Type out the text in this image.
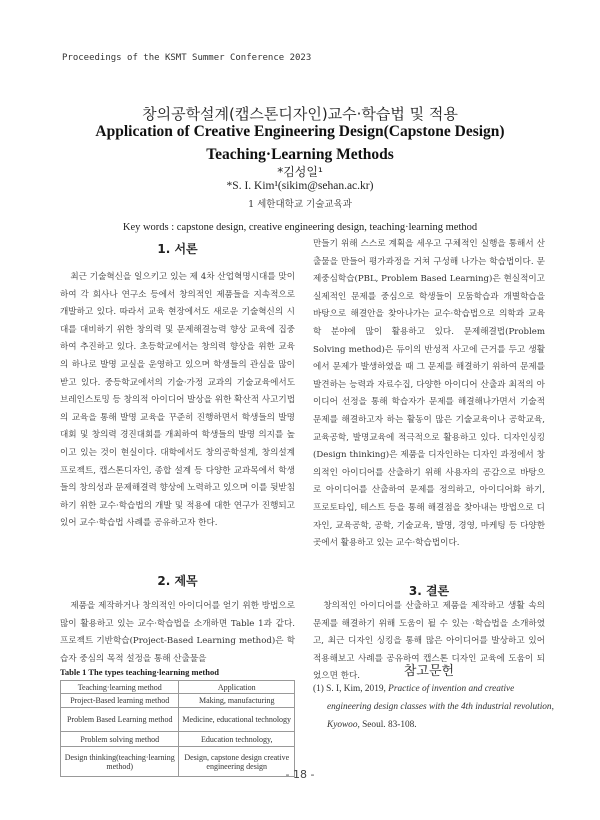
Proceedings of the KSMT Summer Conference 2023
창의공학설계(캡스톤디자인)교수·학습법 및 적용
Application of Creative Engineering Design(Capstone Design)
Teaching·Learning Methods
*김성일¹
*S. I. Kim¹(sikim@sehan.ac.kr)
1 세한대학교 기술교육과
Key words : capstone design, creative engineering design, teaching·learning method
1. 서론

최근 기술혁신을 일으키고 있는 제 4차 산업혁명시대를 맞이하여 각 회사나 연구소 등에서 창의적인 제품들을 지속적으로 개발하고 있다. 따라서 교육 현장에서도 새로운 기술혁신의 시대를 대비하기 위한 창의력 및 문제해결능력 향상 교육에 집중하여 추진하고 있다. 초등학교에서는 창의력 향상을 위한 교육의 하나로 발명 교실을 운영하고 있으며 학생들의 관심을 많이 받고 있다. 중등학교에서의 기술·가정 교과의 기술교육에서도 브레인스토밍 등 창의적 아이디어 발상을 위한 확산적 사고기법의 교육을 통해 발명 교육을 꾸준히 진행하면서 학생들의 발명 대회 및 창의력 경진대회를 개최하여 학생들의 발명 의지를 높이고 있는 것이 현실이다. 대학에서도 창의공학설계, 창의설계 프로젝트, 캡스톤디자인, 종합 설계 등 다양한 교과목에서 학생들의 창의성과 문제해결력 향상에 노력하고 있으며 이를 뒷받침하기 위한 교수·학습법의 개발 및 적용에 대한 연구가 진행되고 있어 교수·학습법 사례를 공유하고자 한다.

2. 제목

제품을 제작하거나 창의적인 아이디어를 얻기 위한 방법으로 많이 활용하고 있는 교수·학습법을 소개하면 Table 1과 같다. 프로젝트 기반학습(Project-Based Learning method)은 학습자 중심의 목적 설정을 통해 산출물을

Table 1 The types teaching·learning method
Teaching·learning method	Application
Project-Based learning method	Making, manufacturing
Problem Based Learning method	Medicine, educational technology
Problem solving method	Education technology,
Design thinking(teaching·learning method)	Design, capstone design creative engineering design

만들기 위해 스스로 계획을 세우고 구체적인 실행을 통해서 산출물을 만들어 평가과정을 거쳐 구성해 나가는 학습법이다. 문제중심학습(PBL, Problem Based Learning)은 현실적이고 실제적인 문제를 중심으로 학생들이 모둠학습과 개별학습을 바탕으로 해결안을 찾아나가는 교수·학습법으로 의학과 교육학 분야에 많이 활용하고 있다. 문제해결법(Problem Solving method)은 듀이의 반성적 사고에 근거를 두고 생활에서 문제가 발생하였을 때 그 문제를 해결하기 위하여 문제를 발견하는 능력과 자료수집, 다양한 아이디어 산출과 최적의 아이디어 선정을 통해 학습자가 문제를 해결해나가면서 기술적 문제를 해결하고자 하는 활동이 많은 기술교육이나 공학교육, 교육공학, 발명교육에 적극적으로 활용하고 있다. 디자인싱킹(Design thinking)은 제품을 디자인하는 디자인 과정에서 창의적인 아이디어를 산출하기 위해 사용자의 공감으로 바탕으로 아이디어를 산출하여 문제를 정의하고, 아이디어화 하기, 프로토타입, 테스트 등을 통해 해결점을 찾아내는 방법으로 디자인, 교육공학, 공학, 기술교육, 발명, 경영, 마케팅 등 다양한 곳에서 활용하고 있는 교수·학습법이다.

3. 결론

창의적인 아이디어를 산출하고 제품을 제작하고 생활 속의 문제를 해결하기 위해 도움이 될 수 있는 ·학습법을 소개하였고, 최근 디자인 싱킹을 통해 많은 아이디어를 발상하고 있어 적용해보고 사례를 공유하여 캡스톤 디자인 교육에 도움이 되었으면 한다.	참고문헌
(1) S. I, Kim, 2019, Practice of invention and creative engineering design classes with the 4th industrial revolution, Kyowoo, Seoul. 83-108.
- 18 -
